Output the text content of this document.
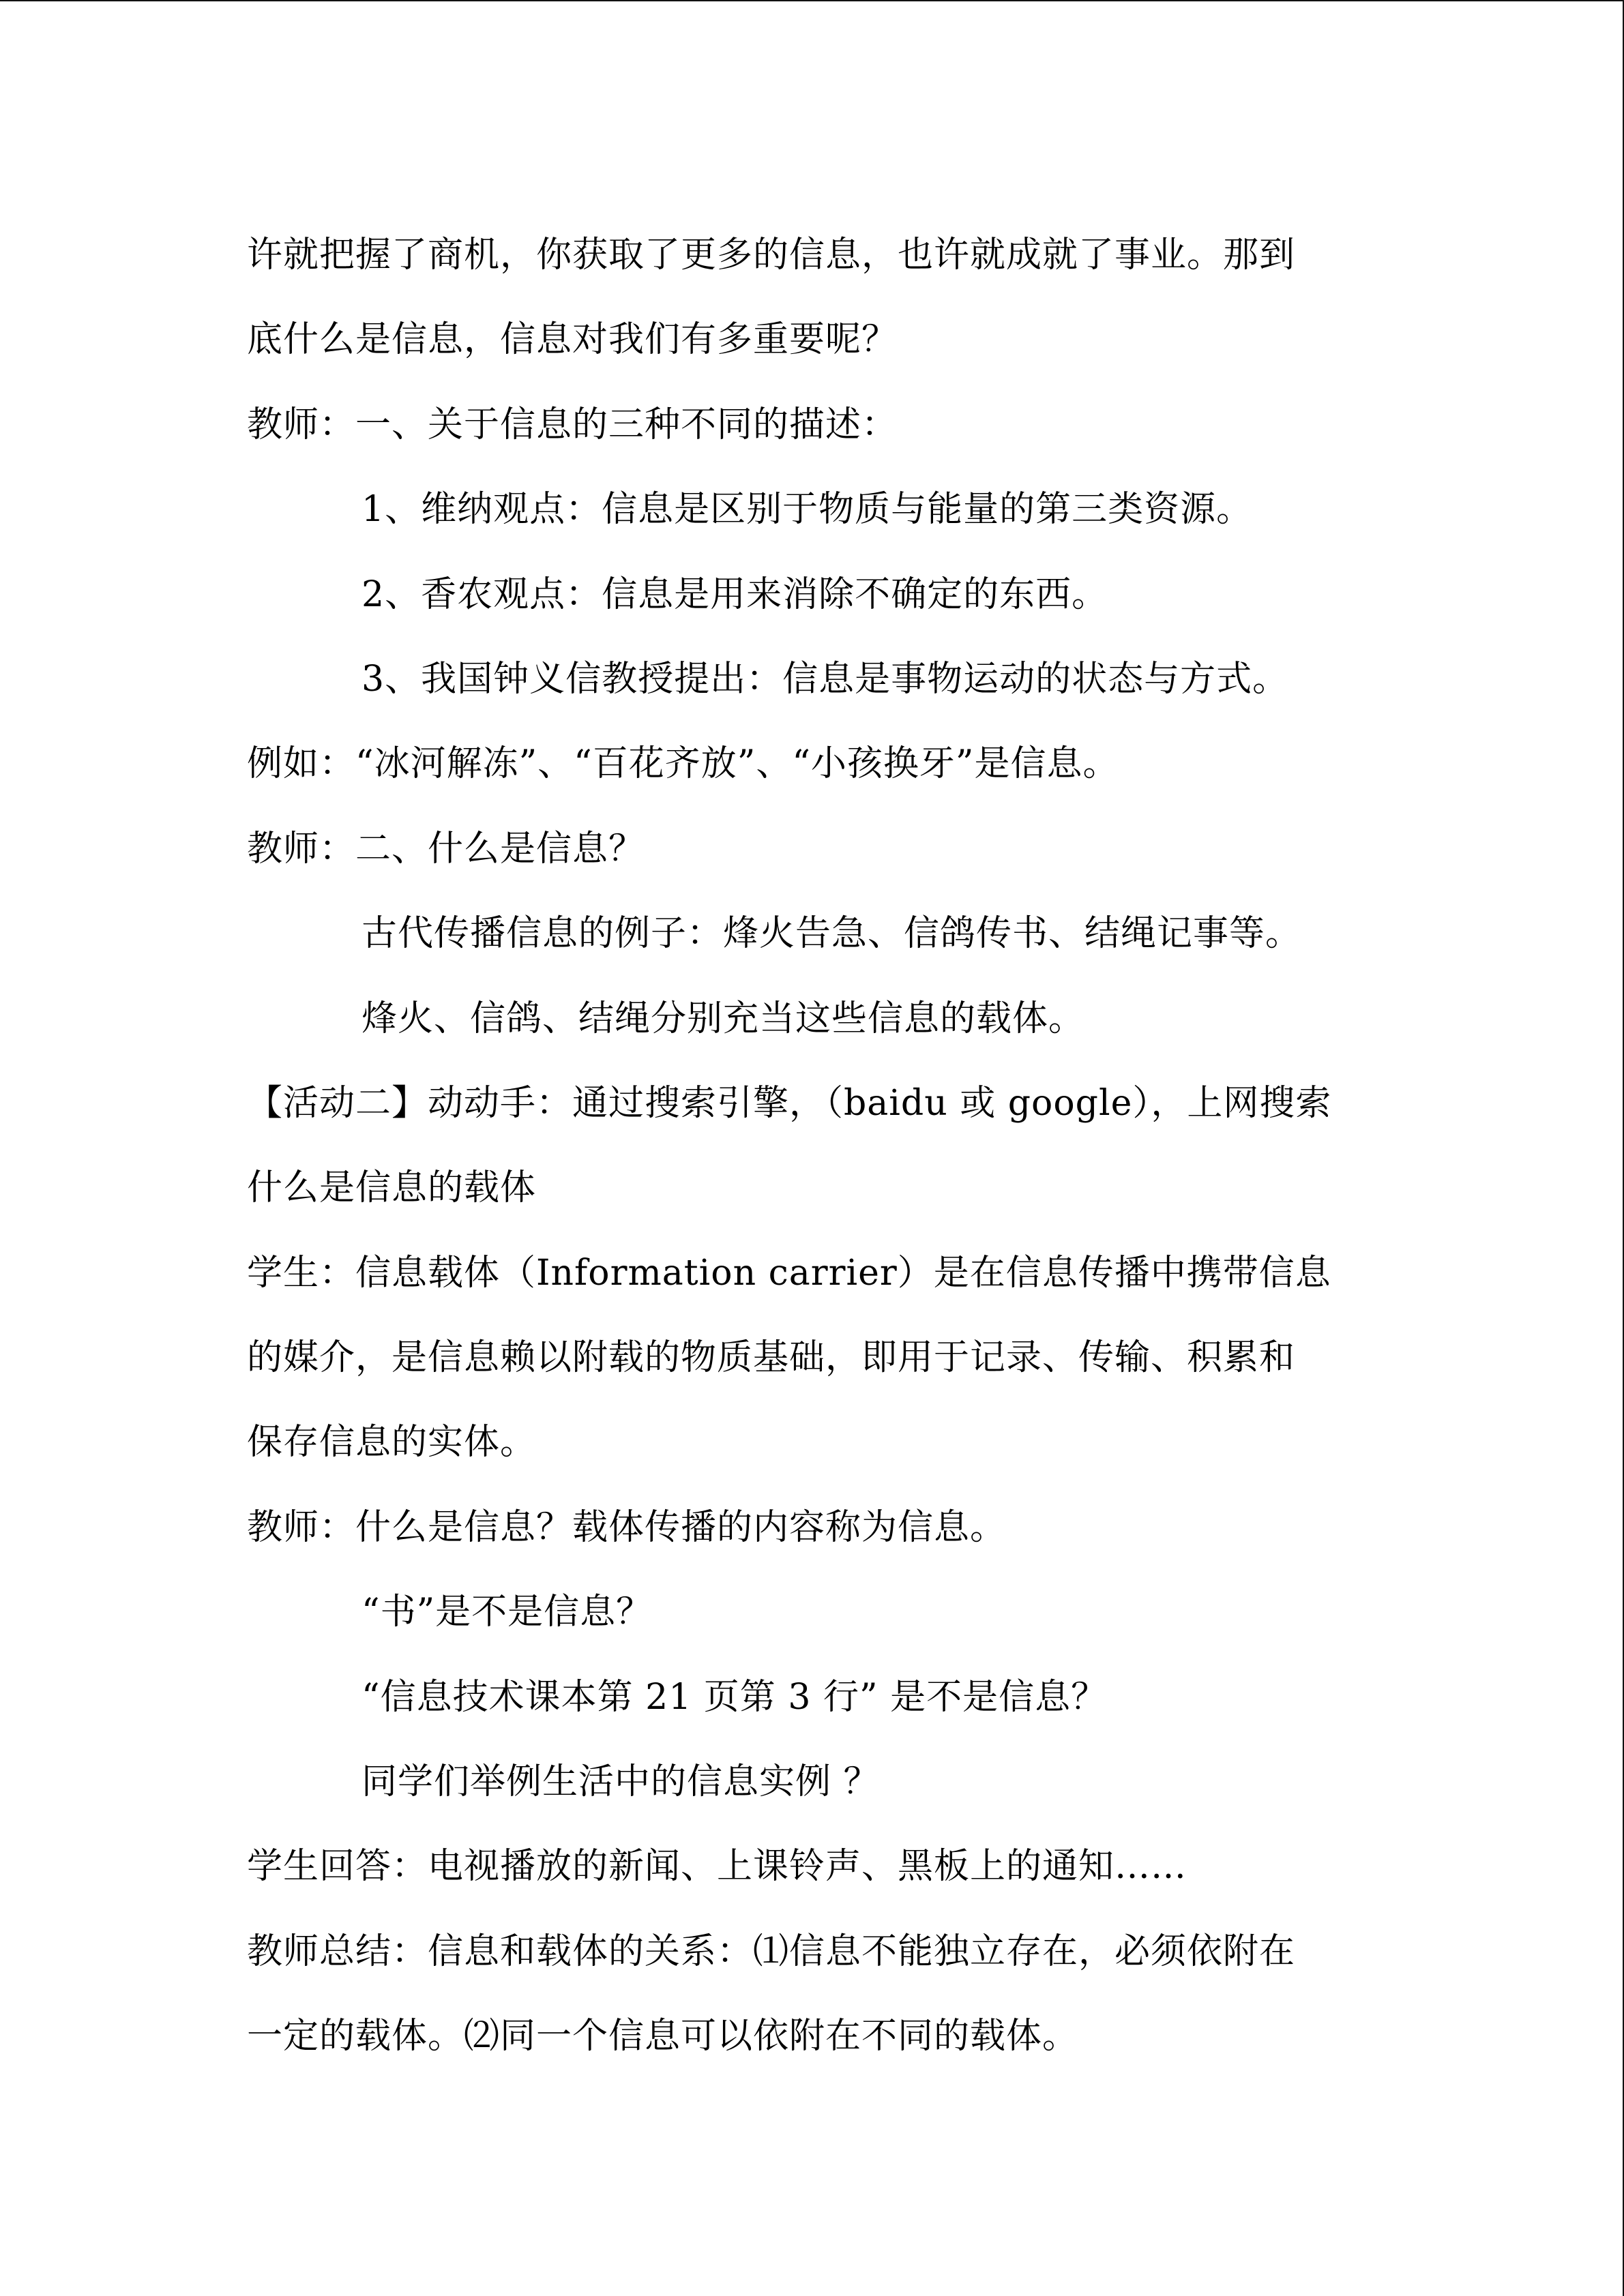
许就把握了商机，你获取了更多的信息，也许就成就了事业。那到
底什么是信息，信息对我们有多重要呢？
教师：一、关于信息的三种不同的描述：
1、维纳观点：信息是区别于物质与能量的第三类资源。
2、香农观点：信息是用来消除不确定的东西。
3、我国钟义信教授提出：信息是事物运动的状态与方式。
例如：“冰河解冻”、“百花齐放”、“小孩换牙”是信息。
教师：二、什么是信息？
古代传播信息的例子：烽火告急、信鸽传书、结绳记事等。
烽火、信鸽、结绳分别充当这些信息的载体。
【活动二】动动手：通过搜索引擎，（baidu 或 google），上网搜索
什么是信息的载体
学生：信息载体（Information carrier）是在信息传播中携带信息
的媒介，是信息赖以附载的物质基础，即用于记录、传输、积累和
保存信息的实体。
教师：什么是信息？载体传播的内容称为信息。
“书”是不是信息？
“信息技术课本第 21 页第 3 行” 是不是信息？
同学们举例生活中的信息实例 ？
学生回答：电视播放的新闻、上课铃声、黑板上的通知……
教师总结：信息和载体的关系：⑴信息不能独立存在，必须依附在
一定的载体。⑵同一个信息可以依附在不同的载体。
